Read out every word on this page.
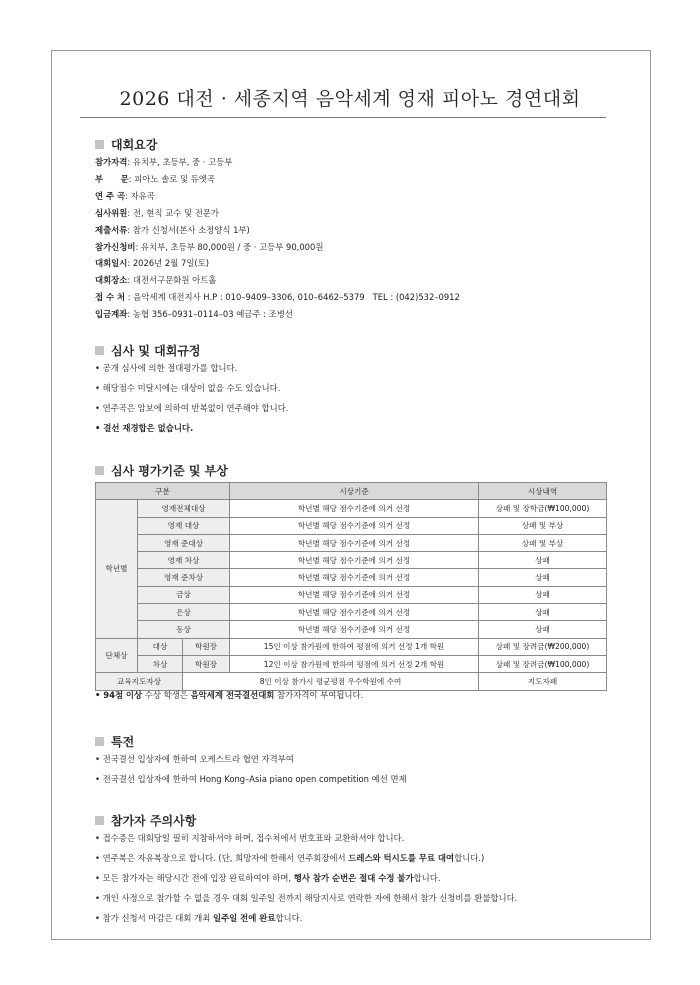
2026 대전 · 세종지역 음악세계 영재 피아노 경연대회
대회요강
참가자격 : 유치부, 초등부, 중 · 고등부
부      문 : 피아노 솔로 및 듀엣곡
연 주 곡 : 자유곡
심사위원 : 전, 현직 교수 및 전문가
제출서류 : 참가 신청서(본사 소정양식 1부)
참가신청비 : 유치부, 초등부 80,000원 / 중 · 고등부 90,000원
대회일시 : 2026년 2월 7일(토)
대회장소 : 대전서구문화원 아트홀
접 수 처 : 음악세계 대전지사 H.P : 010–9409–3306, 010–6462–5379   TEL : (042)532–0912
입금계좌 : 농협 356–0931–0114–03 예금주 : 조병선
심사 및 대회규정
• 공개 심사에 의한 절대평가를 합니다.
• 해당점수 미달시에는 대상이 없을 수도 있습니다.
• 연주곡은 암보에 의하여 반복없이 연주해야 합니다.
• 결선 재경합은 없습니다.
심사 평가기준 및 부상
구분			시상기준	시상내역
학년별	영재전체대상		학년별 해당 점수기준에 의거 선정	상패 및 장학금(₩100,000)
	영재 대상		학년별 해당 점수기준에 의거 선정	상패 및 부상
	영재 준대상		학년별 해당 점수기준에 의거 선정	상패 및 부상
	영재 차상		학년별 해당 점수기준에 의거 선정	상패
	영재 준차상		학년별 해당 점수기준에 의거 선정	상패
	금상		학년별 해당 점수기준에 의거 선정	상패
	은상		학년별 해당 점수기준에 의거 선정	상패
	동상		학년별 해당 점수기준에 의거 선정	상패
단체상	대상	학원장	15인 이상 참가원에 한하여 평점에 의거 선정 1개 학원	상패 및 장려금(₩200,000)
	차상	학원장	12인 이상 참가원에 한하여 평점에 의거 선정 2개 학원	상패 및 장려금(₩100,000)
교육지도자상		8인 이상 참가시 평균평점 우수학원에 수여		지도자패
• 94점 이상 수상 학생은 음악세계 전국결선대회 참가자격이 부여됩니다.
특전
• 전국결선 입상자에 한하여 오케스트라 협연 자격부여
• 전국결선 입상자에 한하여 Hong Kong–Asia piano open competition 예선 면제
참가자 주의사항
• 접수증은 대회당일 필히 지참하셔야 하며, 접수처에서 번호표와 교환하셔야 합니다.
• 연주복은 자유복장으로 합니다. (단, 희망자에 한해서 연주회장에서 드레스와 턱시도를 무료 대여합니다.)
• 모든 참가자는 해당시간 전에 입장 완료하여야 하며, 행사 참가 순번은 절대 수정 불가합니다.
• 개인 사정으로 참가할 수 없을 경우 대회 일주일 전까지 해당지사로 연락한 자에 한해서 참가 신청비를 환불합니다.
• 참가 신청서 마감은 대회 개최 일주일 전에 완료합니다.
